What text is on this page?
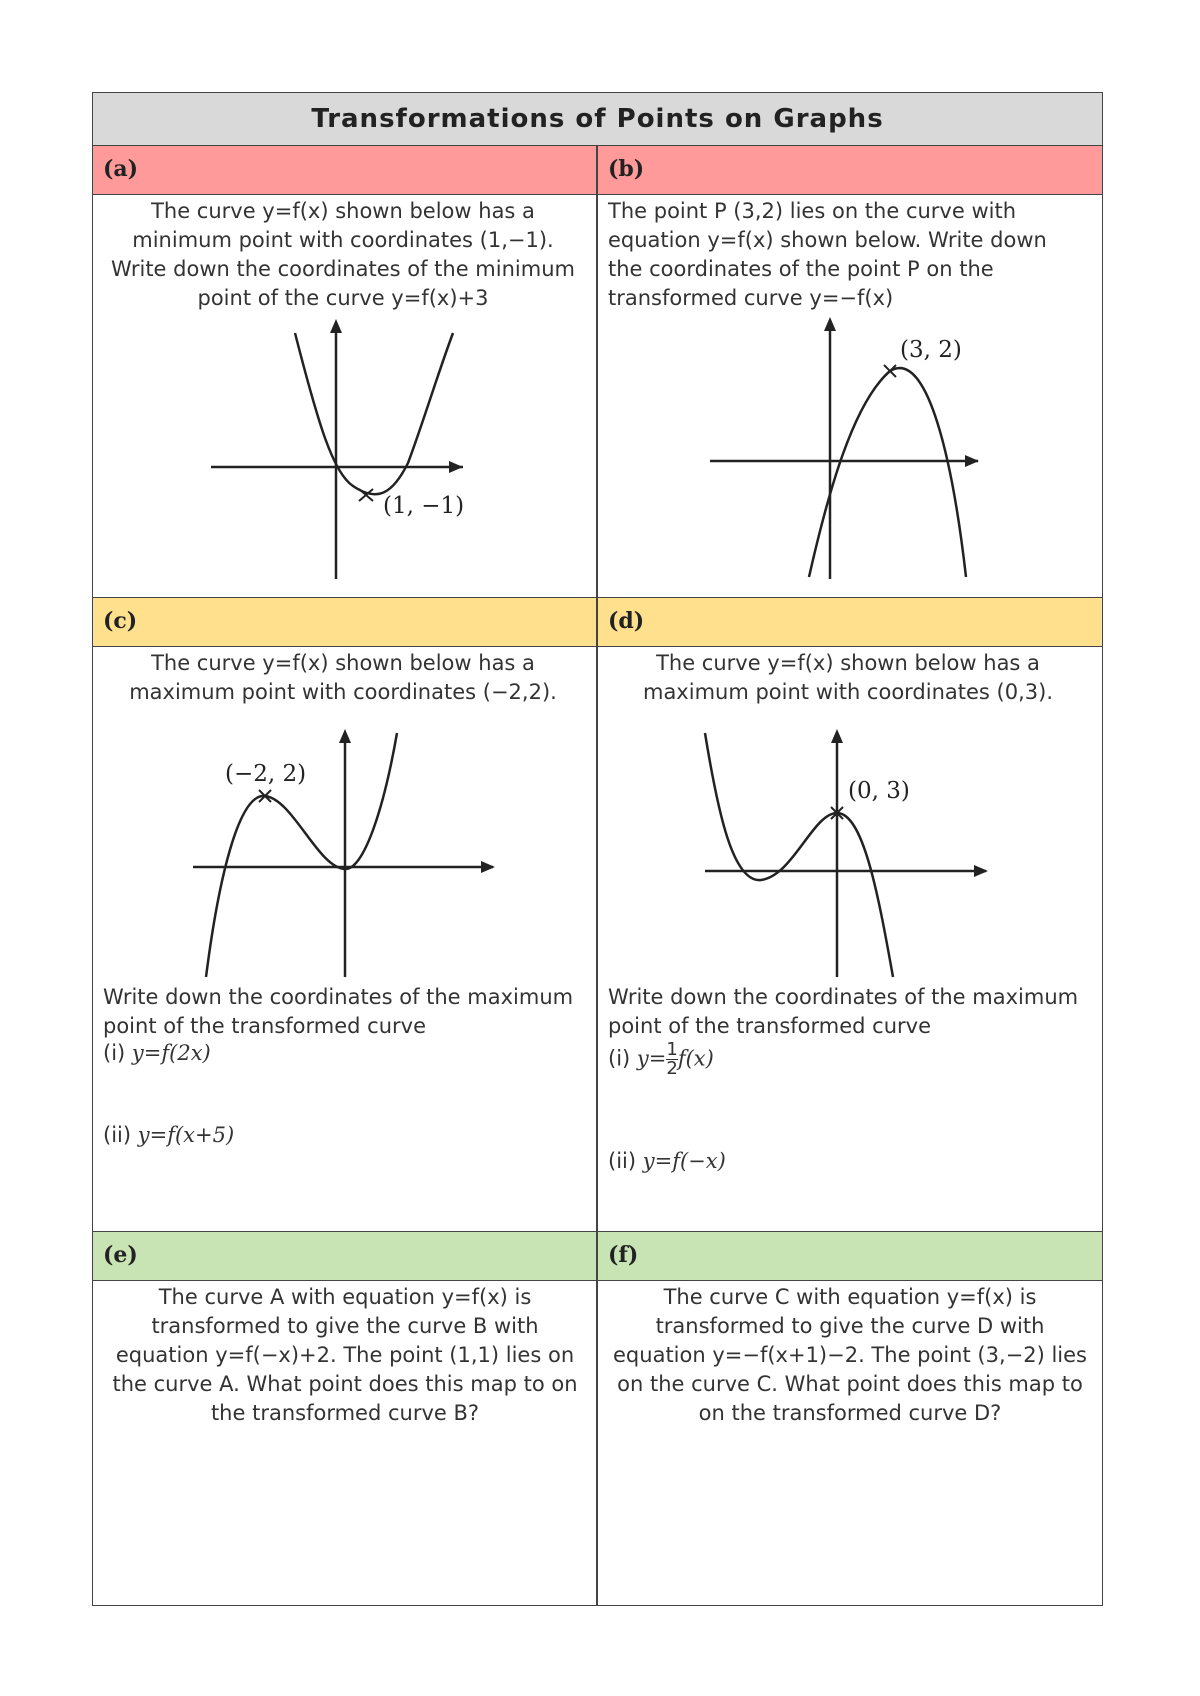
Transformations of Points on Graphs
(a)	(b)
The curve y=f(x) shown below has a minimum point with coordinates (1,−1). Write down the coordinates of the minimum point of the curve y=f(x)+3
The point P (3,2) lies on the curve with equation y=f(x) shown below. Write down the coordinates of the point P on the transformed curve y=−f(x)
(1, −1)
(3, 2)
(c)	(d)
The curve y=f(x) shown below has a maximum point with coordinates (−2,2).
The curve y=f(x) shown below has a maximum point with coordinates (0,3).
(−2, 2)
(0, 3)
Write down the coordinates of the maximum point of the transformed curve
(i) y=f(2x)
(ii) y=f(x+5)
Write down the coordinates of the maximum point of the transformed curve
(i) $y= \frac{1}{2} f(x)$
(ii) y=f(−x)
(e)	(f)
The curve A with equation y=f(x) is transformed to give the curve B with equation y=f(−x)+2. The point (1,1) lies on the curve A. What point does this map to on the transformed curve B?
The curve C with equation y=f(x) is transformed to give the curve D with equation y=−f(x+1)−2. The point (3,−2) lies on the curve C. What point does this map to on the transformed curve D?
